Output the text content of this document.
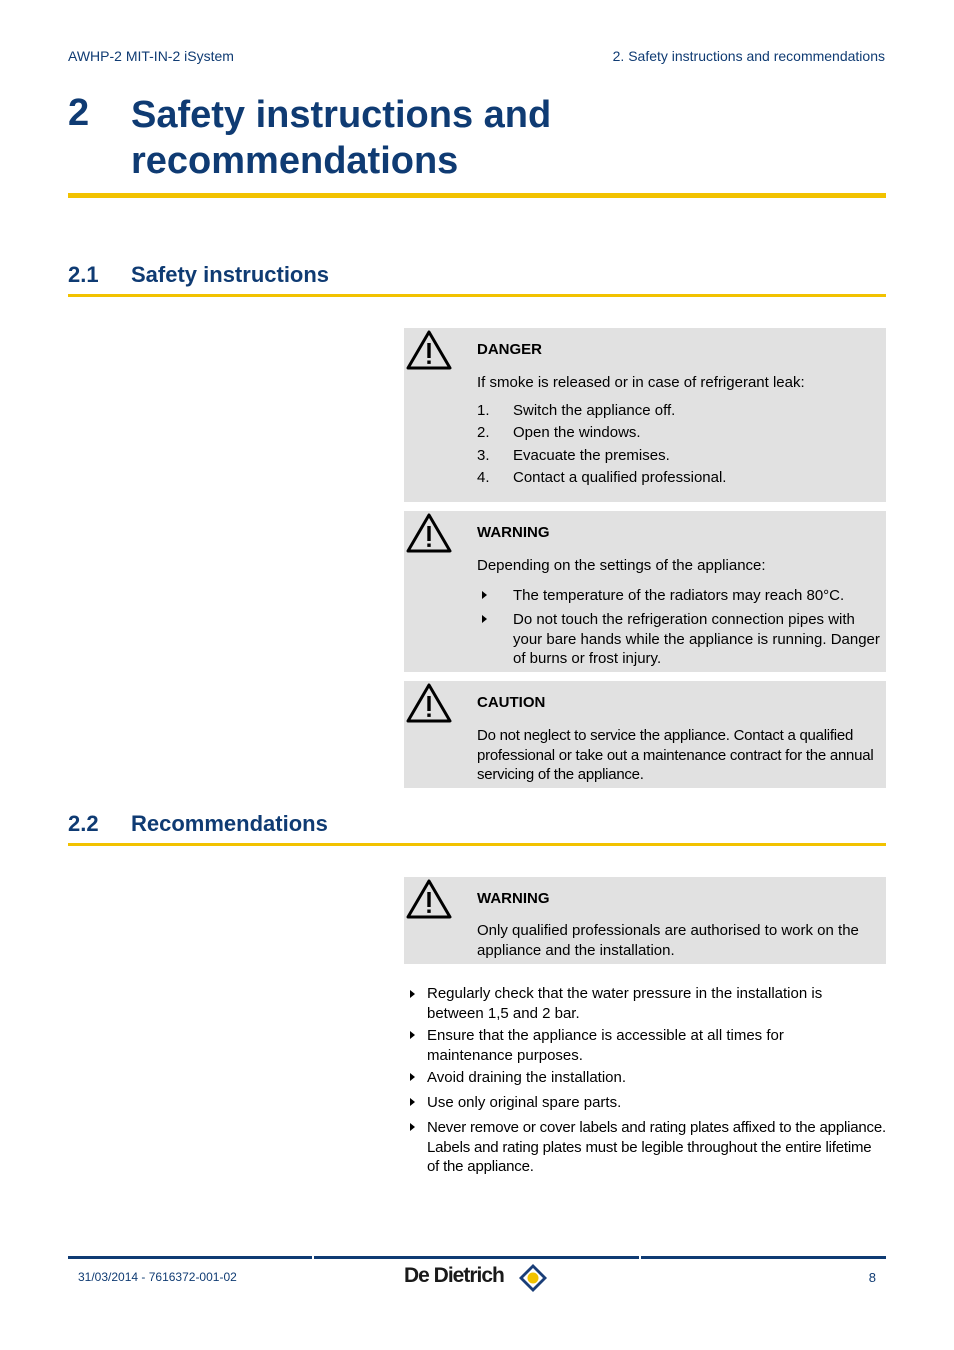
AWHP-2 MIT-IN-2 iSystem	2. Safety instructions and recommendations
2 Safety instructions and recommendations
2.1 Safety instructions
DANGER
If smoke is released or in case of refrigerant leak:
1. Switch the appliance off.
2. Open the windows.
3. Evacuate the premises.
4. Contact a qualified professional.
WARNING
Depending on the settings of the appliance:
The temperature of the radiators may reach 80°C.
Do not touch the refrigeration connection pipes with your bare hands while the appliance is running. Danger of burns or frost injury.
CAUTION
Do not neglect to service the appliance. Contact a qualified professional or take out a maintenance contract for the annual servicing of the appliance.
2.2 Recommendations
WARNING
Only qualified professionals are authorised to work on the appliance and the installation.
Regularly check that the water pressure in the installation is between 1,5 and 2 bar.
Ensure that the appliance is accessible at all times for maintenance purposes.
Avoid draining the installation.
Use only original spare parts.
Never remove or cover labels and rating plates affixed to the appliance. Labels and rating plates must be legible throughout the entire lifetime of the appliance.
31/03/2014 - 7616372-001-02	De Dietrich	8
